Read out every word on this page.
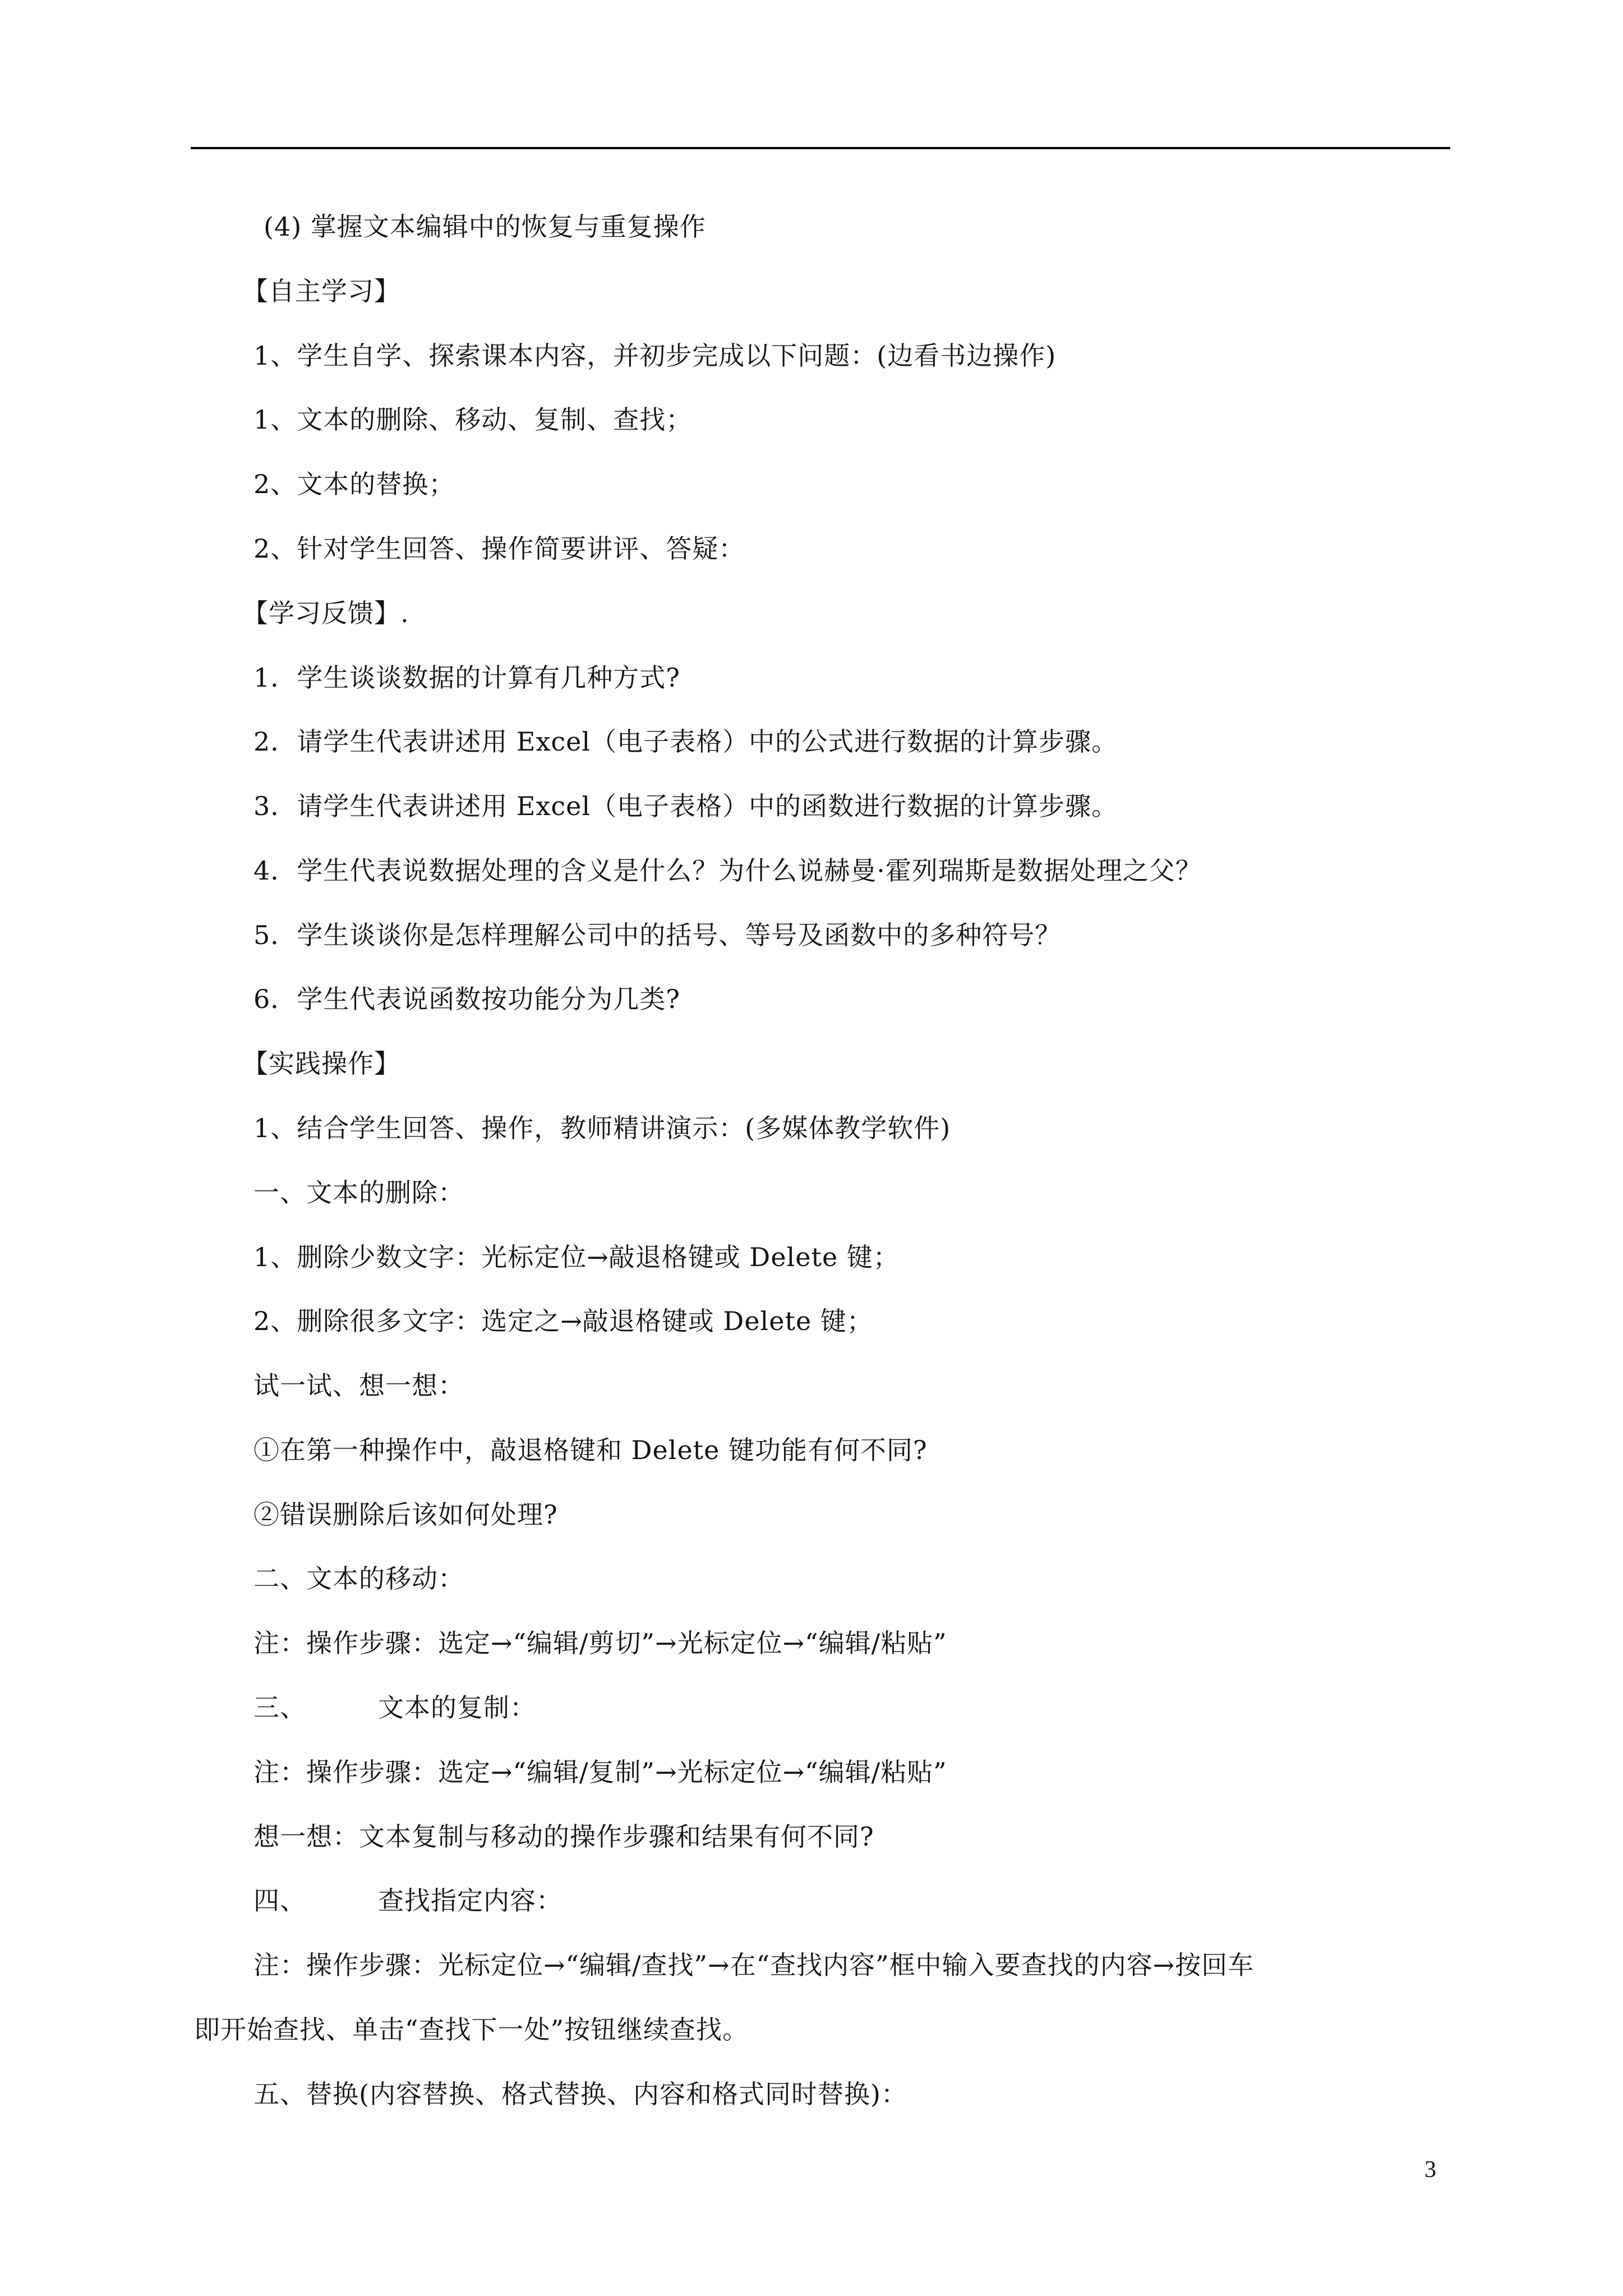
(4) 掌握文本编辑中的恢复与重复操作
【自主学习】
1、学生自学、探索课本内容，并初步完成以下问题：(边看书边操作)
1、文本的删除、移动、复制、查找；
2、文本的替换；
2、针对学生回答、操作简要讲评、答疑：
【学习反馈】.
1．学生谈谈数据的计算有几种方式?
2．请学生代表讲述用 Excel（电子表格）中的公式进行数据的计算步骤。
3．请学生代表讲述用 Excel（电子表格）中的函数进行数据的计算步骤。
4．学生代表说数据处理的含义是什么？为什么说赫曼·霍列瑞斯是数据处理之父？
5．学生谈谈你是怎样理解公司中的括号、等号及函数中的多种符号？
6．学生代表说函数按功能分为几类?
【实践操作】
1、结合学生回答、操作，教师精讲演示：(多媒体教学软件)
一、文本的删除：
1、删除少数文字：光标定位→敲退格键或 Delete 键；
2、删除很多文字：选定之→敲退格键或 Delete 键；
试一试、想一想：
①在第一种操作中，敲退格键和 Delete 键功能有何不同?
②错误删除后该如何处理?
二、文本的移动：
注：操作步骤：选定→“编辑/剪切”→光标定位→“编辑/粘贴”
三、	文本的复制：
注：操作步骤：选定→“编辑/复制”→光标定位→“编辑/粘贴”
想一想：文本复制与移动的操作步骤和结果有何不同?
四、	查找指定内容：
注：操作步骤：光标定位→“编辑/查找”→在“查找内容”框中输入要查找的内容→按回车
即开始查找、单击“查找下一处”按钮继续查找。
五、替换(内容替换、格式替换、内容和格式同时替换)：
3
